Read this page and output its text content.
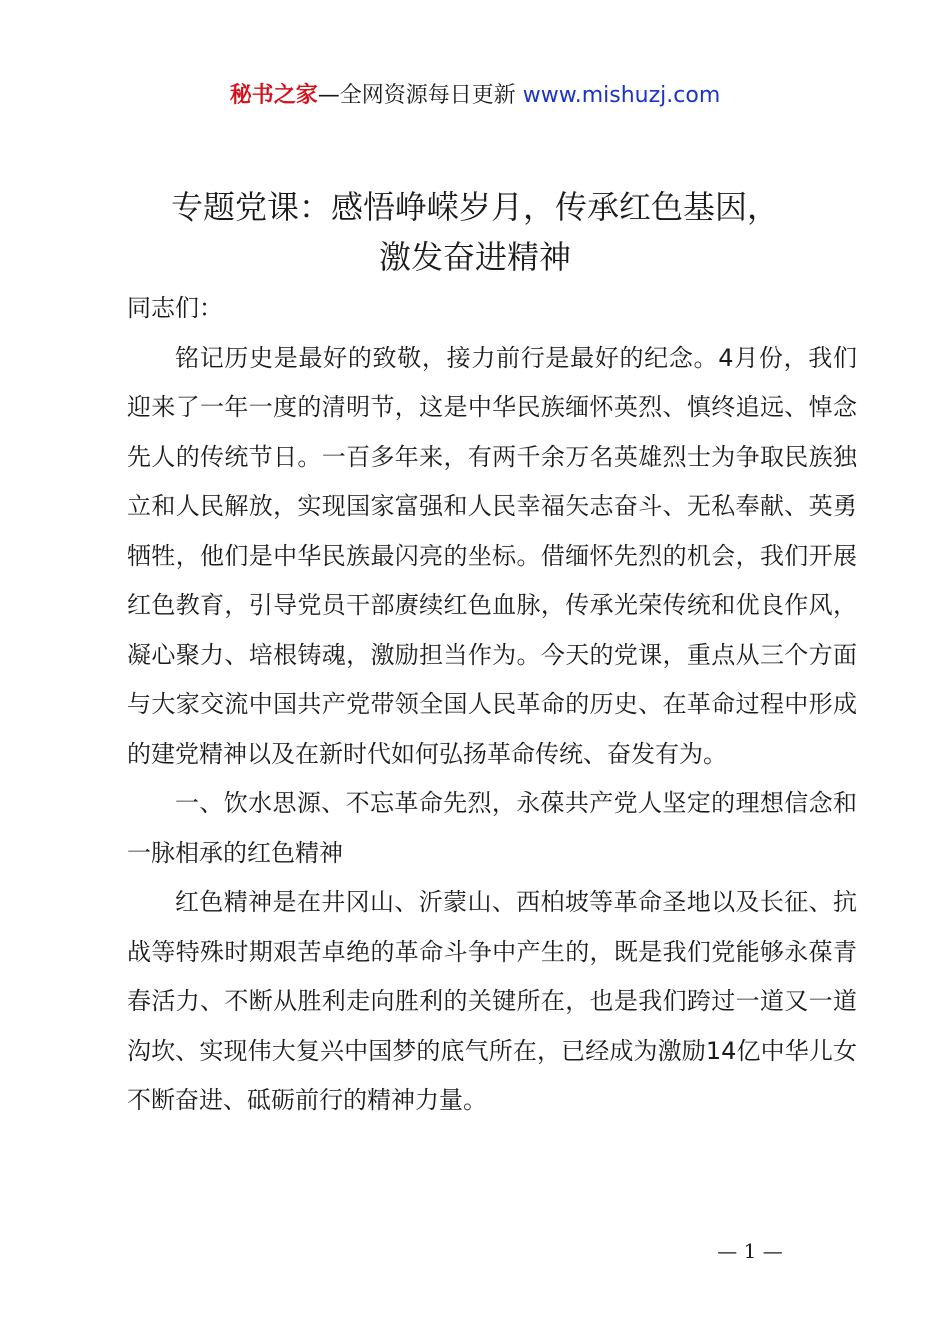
秘书之家—全网资源每日更新 www.mishuzj.com
专题党课：感悟峥嵘岁月，传承红色基因，
激发奋进精神

同志们：

铭记历史是最好的致敬，接力前行是最好的纪念。4月份，我们迎来了一年一度的清明节，这是中华民族缅怀英烈、慎终追远、悼念先人的传统节日。一百多年来，有两千余万名英雄烈士为争取民族独立和人民解放，实现国家富强和人民幸福矢志奋斗、无私奉献、英勇牺牲，他们是中华民族最闪亮的坐标。借缅怀先烈的机会，我们开展红色教育，引导党员干部赓续红色血脉，传承光荣传统和优良作风，凝心聚力、培根铸魂，激励担当作为。今天的党课，重点从三个方面与大家交流中国共产党带领全国人民革命的历史、在革命过程中形成的建党精神以及在新时代如何弘扬革命传统、奋发有为。

一、饮水思源、不忘革命先烈，永葆共产党人坚定的理想信念和一脉相承的红色精神

红色精神是在井冈山、沂蒙山、西柏坡等革命圣地以及长征、抗战等特殊时期艰苦卓绝的革命斗争中产生的，既是我们党能够永葆青春活力、不断从胜利走向胜利的关键所在，也是我们跨过一道又一道沟坎、实现伟大复兴中国梦的底气所在，已经成为激励14亿中华儿女不断奋进、砥砺前行的精神力量。

— 1 —
